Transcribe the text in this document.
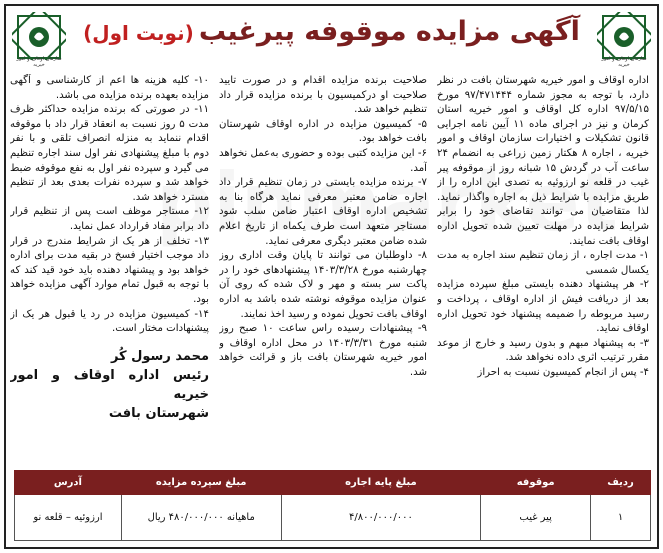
سازمان اوقاف و امور خیریه
سازمان اوقاف و امور خیریه
آگهی مزایده موقوفه پیرغیب (نوبت اول)

اداره اوقاف و امور خیریه شهرستان بافت در نظر دارد، با توجه به مجوز شماره ۹۷/۴۷۱۴۴۴ مورخ ۹۷/۵/۱۵ اداره کل اوقاف و امور خیریه استان کرمان و نیز در اجرای ماده ۱۱ آیین نامه اجرایی قانون تشکیلات و اختیارات سازمان اوقاف و امور خیریه ، اجاره ۸ هکتار زمین زراعی به انضمام ۲۴ ساعت آب در گردش ۱۵ شبانه روز از موقوفه پیر غیب در قلعه نو ارزوئیه به تصدی این اداره را از طریق مزایده با شرایط ذیل به اجاره واگذار نماید. لذا متقاضیان می توانند تقاضای خود را برابر شرایط مزایده در مهلت تعیین شده تحویل اداره اوقاف بافت نمایند.

۱- مدت اجاره ، از زمان تنظیم سند اجاره به مدت یکسال شمسی

۲- هر پیشنهاد دهنده بایستی مبلغ سپرده مزایده بعد از دریافت فیش از اداره اوقاف ، پرداخت و رسید مربوطه را ضمیمه پیشنهاد خود تحویل اداره اوقاف نماید.

۳- به پیشنهاد مبهم و بدون رسید و خارج از موعد مقرر ترتیب اثری داده نخواهد شد.

۴- پس از انجام کمیسیون نسبت به احراز

صلاحیت برنده مزایده اقدام و در صورت تایید صلاحیت او درکمیسیون با برنده مزایده قرار داد تنظیم خواهد شد.

۵- کمیسیون مزایده در اداره اوقاف شهرستان بافت خواهد بود.

۶- این مزایده کتبی بوده و حضوری به‌عمل نخواهد آمد.

۷- برنده مزایده بایستی در زمان تنظیم قرار داد اجاره ضامن معتبر معرفی نماید هرگاه بنا به تشخیص اداره اوقاف اعتبار ضامن سلب شود مستاجر متعهد است طرف یکماه از تاریخ اعلام شده ضامن معتبر دیگری معرفی نماید.

۸- داوطلبان می توانند تا پایان وقت اداری روز چهارشنبه مورخ ۱۴۰۳/۳/۲۸ پیشنهادهای خود را در پاکت سر بسته و مهر و لاک شده که روی آن عنوان مزایده موقوفه نوشته شده باشد به اداره اوقاف بافت تحویل نموده و رسید اخذ نمایند.

۹- پیشنهادات رسیده راس ساعت ۱۰ صبح روز شنبه مورخ ۱۴۰۳/۳/۳۱ در محل اداره اوقاف و امور خیریه شهرستان بافت باز و قرائت خواهد شد.

۱۰- کلیه هزینه ها اعم از کارشناسی و آگهی مزایده بعهده برنده مزایده می باشد.

۱۱- در صورتی که برنده مزایده حداکثر ظرف مدت ۵ روز نسبت به انعقاد قرار داد با موقوفه اقدام ننماید به منزله انصراف تلقی و با نفر دوم با مبلغ پیشنهادی نفر اول سند اجاره تنظیم می گیرد و سپرده نفر اول به نفع موقوفه ضبط خواهد شد و سپرده نفرات بعدی بعد از تنظیم مسترد خواهد شد.

۱۲- مستاجر موظف است پس از تنظیم قرار داد برابر مفاد قرارداد عمل نماید.

۱۳- تخلف از هر یک از شرایط مندرج در قرار داد موجب اختیار فسخ در بقیه مدت برای اداره خواهد بود و پیشنهاد دهنده باید خود قید کند که با توجه به قبول تمام موارد آگهی مزایده خواهد بود.

۱۴- کمیسیون مزایده در رد یا قبول هر یک از پیشنهادات مختار است.

محمد رسول کُر
رئیس اداره اوقاف و امور خیریه
شهرستان بافت
ردیف	موقوفه	مبلغ پایه اجاره	مبلغ سپرده مزایده	آدرس
۱	پیر غیب	۴/۸۰۰/۰۰۰/۰۰۰	ماهیانه ۴۸۰/۰۰۰/۰۰۰ ریال	ارزوئیه – قلعه نو
